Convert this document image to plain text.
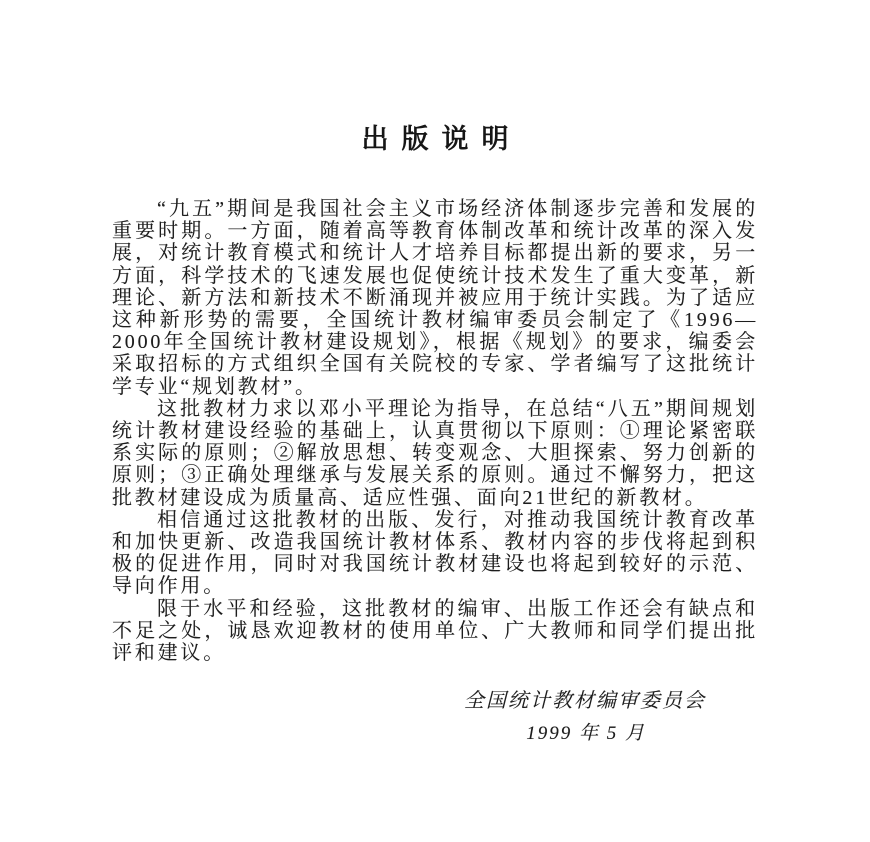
出版说明

“九五”期间是我国社会主义市场经济体制逐步完善和发展的重要时期。一方面，随着高等教育体制改革和统计改革的深入发展，对统计教育模式和统计人才培养目标都提出新的要求，另一方面，科学技术的飞速发展也促使统计技术发生了重大变革，新理论、新方法和新技术不断涌现并被应用于统计实践。为了适应这种新形势的需要，全国统计教材编审委员会制定了《1996—2000年全国统计教材建设规划》，根据《规划》的要求，编委会采取招标的方式组织全国有关院校的专家、学者编写了这批统计学专业“规划教材”。

这批教材力求以邓小平理论为指导，在总结“八五”期间规划统计教材建设经验的基础上，认真贯彻以下原则：①理论紧密联系实际的原则；②解放思想、转变观念、大胆探索、努力创新的原则；③正确处理继承与发展关系的原则。通过不懈努力，把这批教材建设成为质量高、适应性强、面向21世纪的新教材。

相信通过这批教材的出版、发行，对推动我国统计教育改革和加快更新、改造我国统计教材体系、教材内容的步伐将起到积极的促进作用，同时对我国统计教材建设也将起到较好的示范、导向作用。

限于水平和经验，这批教材的编审、出版工作还会有缺点和不足之处，诚恳欢迎教材的使用单位、广大教师和同学们提出批评和建议。

全国统计教材编审委员会
1999 年 5 月
